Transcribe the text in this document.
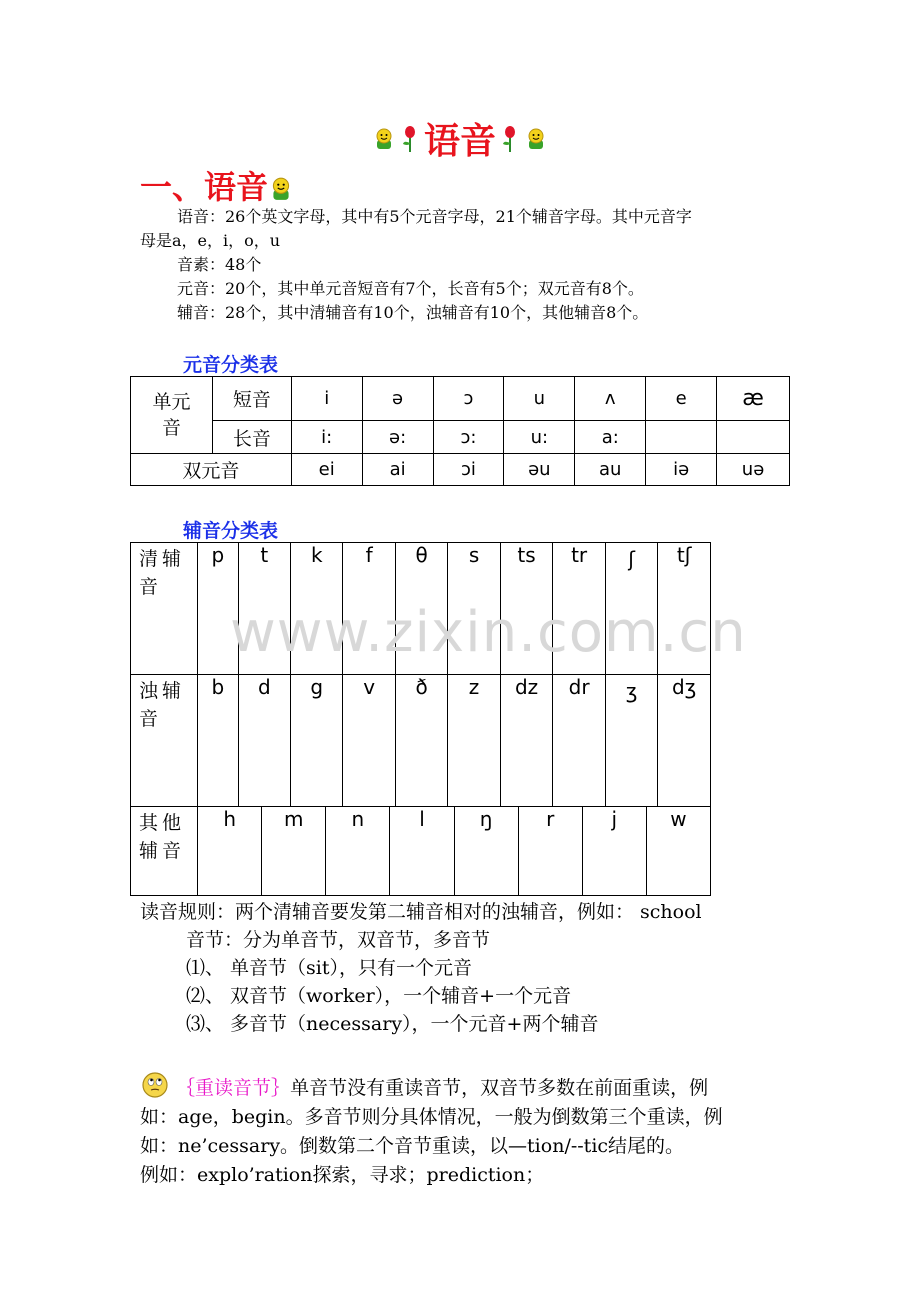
语音
一、语音
语音：26个英文字母，其中有5个元音字母，21个辅音字母。其中元音字
母是a，e，i，o，u
音素：48个
元音：20个，其中单元音短音有7个，长音有5个；双元音有8个。
辅音：28个，其中清辅音有10个，浊辅音有10个，其他辅音8个。
元音分类表
单元音	短音	i	ə	ɔ	u	ʌ	e	æ
	长音	i:	ə:	ɔ:	u:	a:		
双元音		ei	ai	ɔi	əu	au	iə	uə
辅音分类表
清辅音	p	t	k	f	θ	s	ts	tr	ʃ	tʃ
浊辅音	b	d	g	v	ð	z	dz	dr	ʒ	dʒ
其他辅音	h	m	n	l	ŋ	r	j	w
www.zixin.com.cn
读音规则：两个清辅音要发第二辅音相对的浊辅音，例如： school
音节：分为单音节，双音节，多音节
⑴、 单音节（sit），只有一个元音
⑵、 双音节（worker），一个辅音+一个元音
⑶、 多音节（necessary），一个元音+两个辅音
｛重读音节｝单音节没有重读音节，双音节多数在前面重读，例
如：age，begin。多音节则分具体情况，一般为倒数第三个重读，例
如：ne’cessary。倒数第二个音节重读，以—tion/--tic结尾的。
例如：explo’ration探索，寻求；prediction；
